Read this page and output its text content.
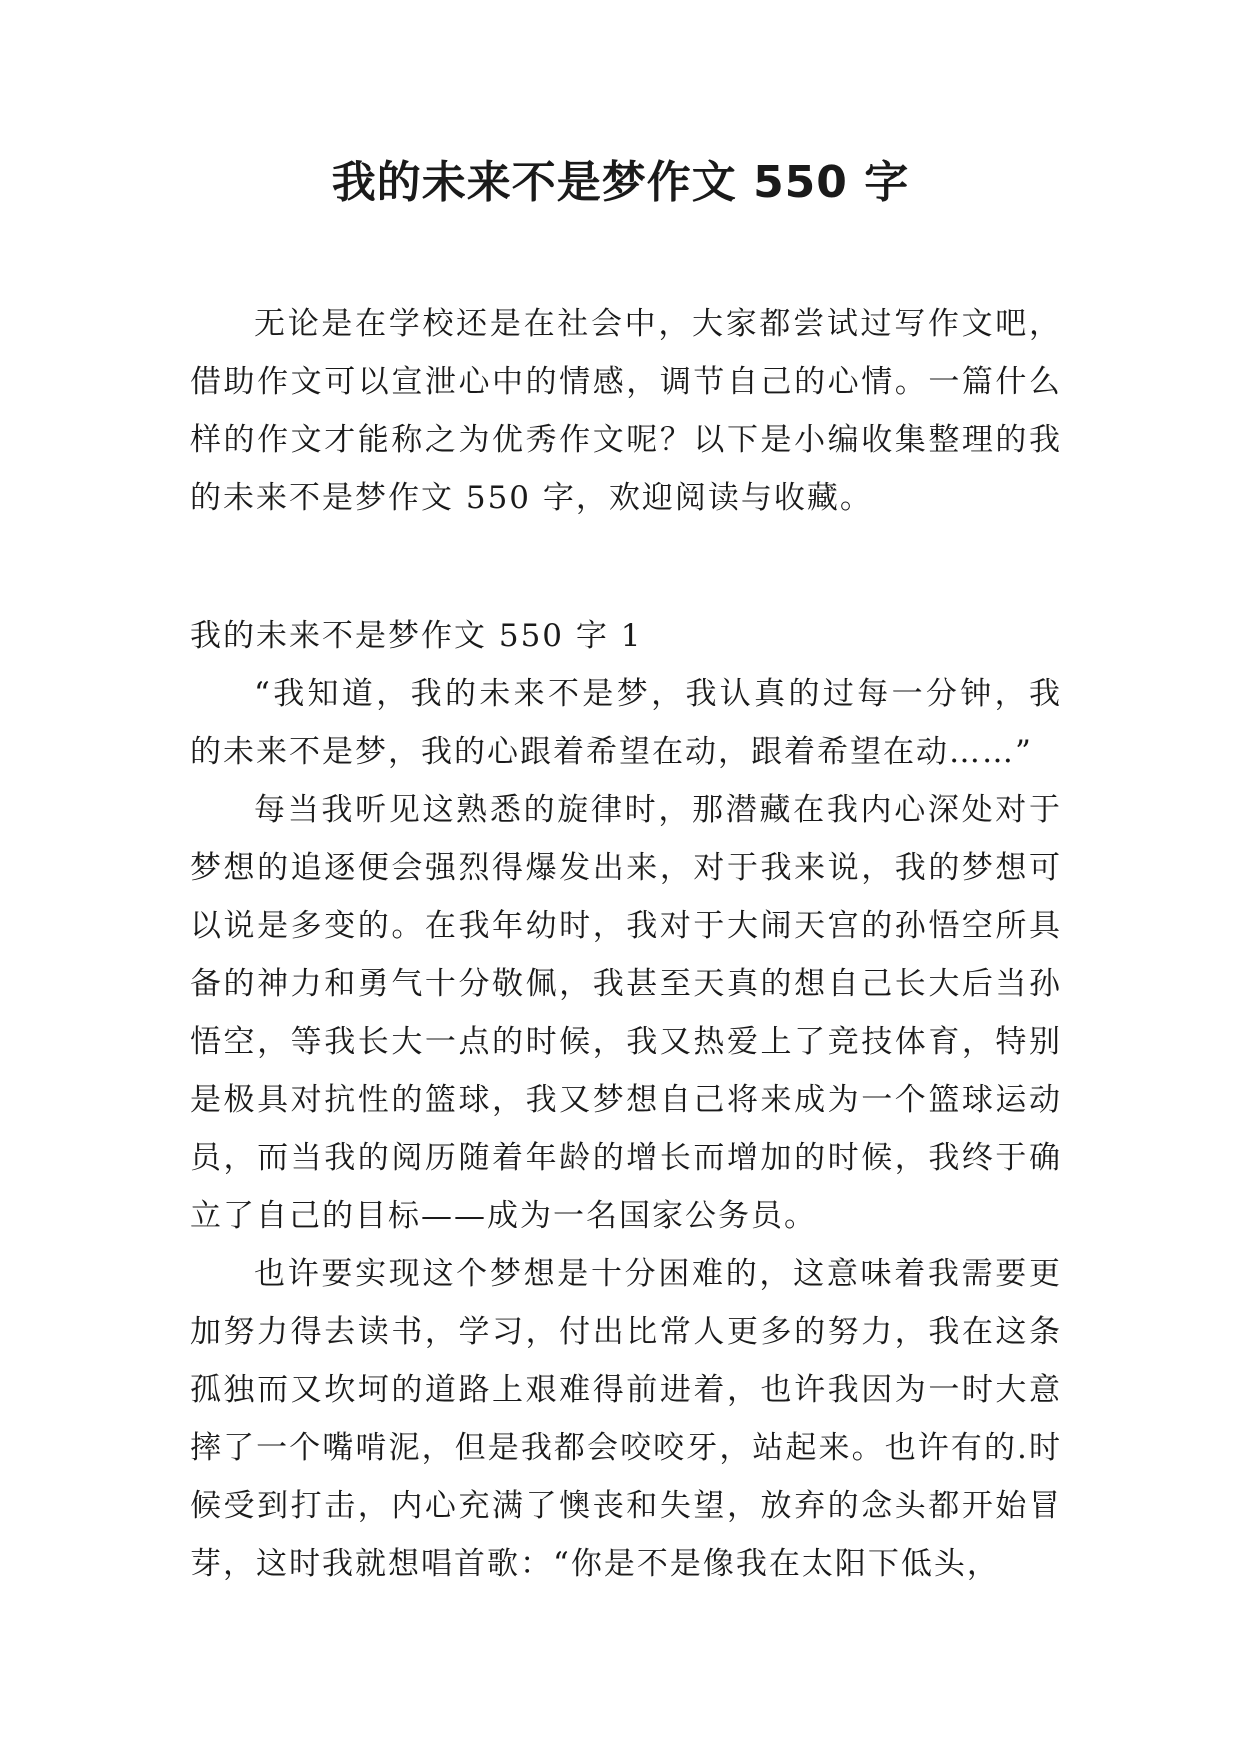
我的未来不是梦作文 550 字

无论是在学校还是在社会中，大家都尝试过写作文吧，借助作文可以宣泄心中的情感，调节自己的心情。一篇什么样的作文才能称之为优秀作文呢？以下是小编收集整理的我的未来不是梦作文 550 字，欢迎阅读与收藏。

我的未来不是梦作文 550 字 1

“我知道，我的未来不是梦，我认真的过每一分钟，我的未来不是梦，我的心跟着希望在动，跟着希望在动……”

每当我听见这熟悉的旋律时，那潜藏在我内心深处对于梦想的追逐便会强烈得爆发出来，对于我来说，我的梦想可以说是多变的。在我年幼时，我对于大闹天宫的孙悟空所具备的神力和勇气十分敬佩，我甚至天真的想自己长大后当孙悟空，等我长大一点的时候，我又热爱上了竞技体育，特别是极具对抗性的篮球，我又梦想自己将来成为一个篮球运动员，而当我的阅历随着年龄的增长而增加的时候，我终于确立了自己的目标——成为一名国家公务员。

也许要实现这个梦想是十分困难的，这意味着我需要更加努力得去读书，学习，付出比常人更多的努力，我在这条孤独而又坎坷的道路上艰难得前进着，也许我因为一时大意摔了一个嘴啃泥，但是我都会咬咬牙，站起来。也许有的.时候受到打击，内心充满了懊丧和失望，放弃的念头都开始冒芽，这时我就想唱首歌：“你是不是像我在太阳下低头，
